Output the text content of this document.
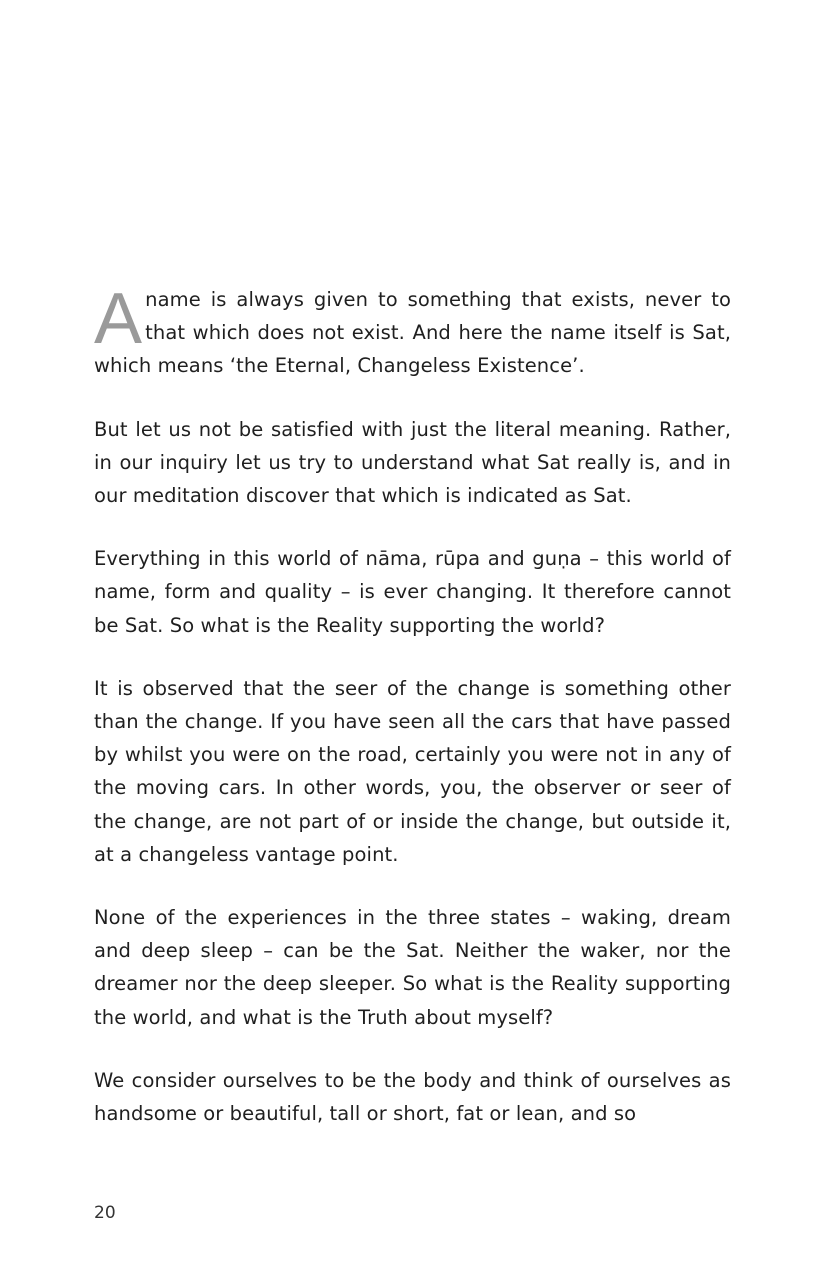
A name is always given to something that exists, never to that which does not exist. And here the name itself is Sat, which means ‘the Eternal, Changeless Existence’.

But let us not be satisfied with just the literal meaning. Rather, in our inquiry let us try to understand what Sat really is, and in our meditation discover that which is indicated as Sat.

Everything in this world of nāma, rūpa and guṇa – this world of name, form and quality – is ever changing. It therefore cannot be Sat. So what is the Reality supporting the world?

It is observed that the seer of the change is something other than the change. If you have seen all the cars that have passed by whilst you were on the road, certainly you were not in any of the moving cars. In other words, you, the observer or seer of the change, are not part of or inside the change, but outside it, at a changeless vantage point.

None of the experiences in the three states – waking, dream and deep sleep – can be the Sat. Neither the waker, nor the dreamer nor the deep sleeper. So what is the Reality supporting the world, and what is the Truth about myself?

We consider ourselves to be the body and think of ourselves as handsome or beautiful, tall or short, fat or lean, and so

20
